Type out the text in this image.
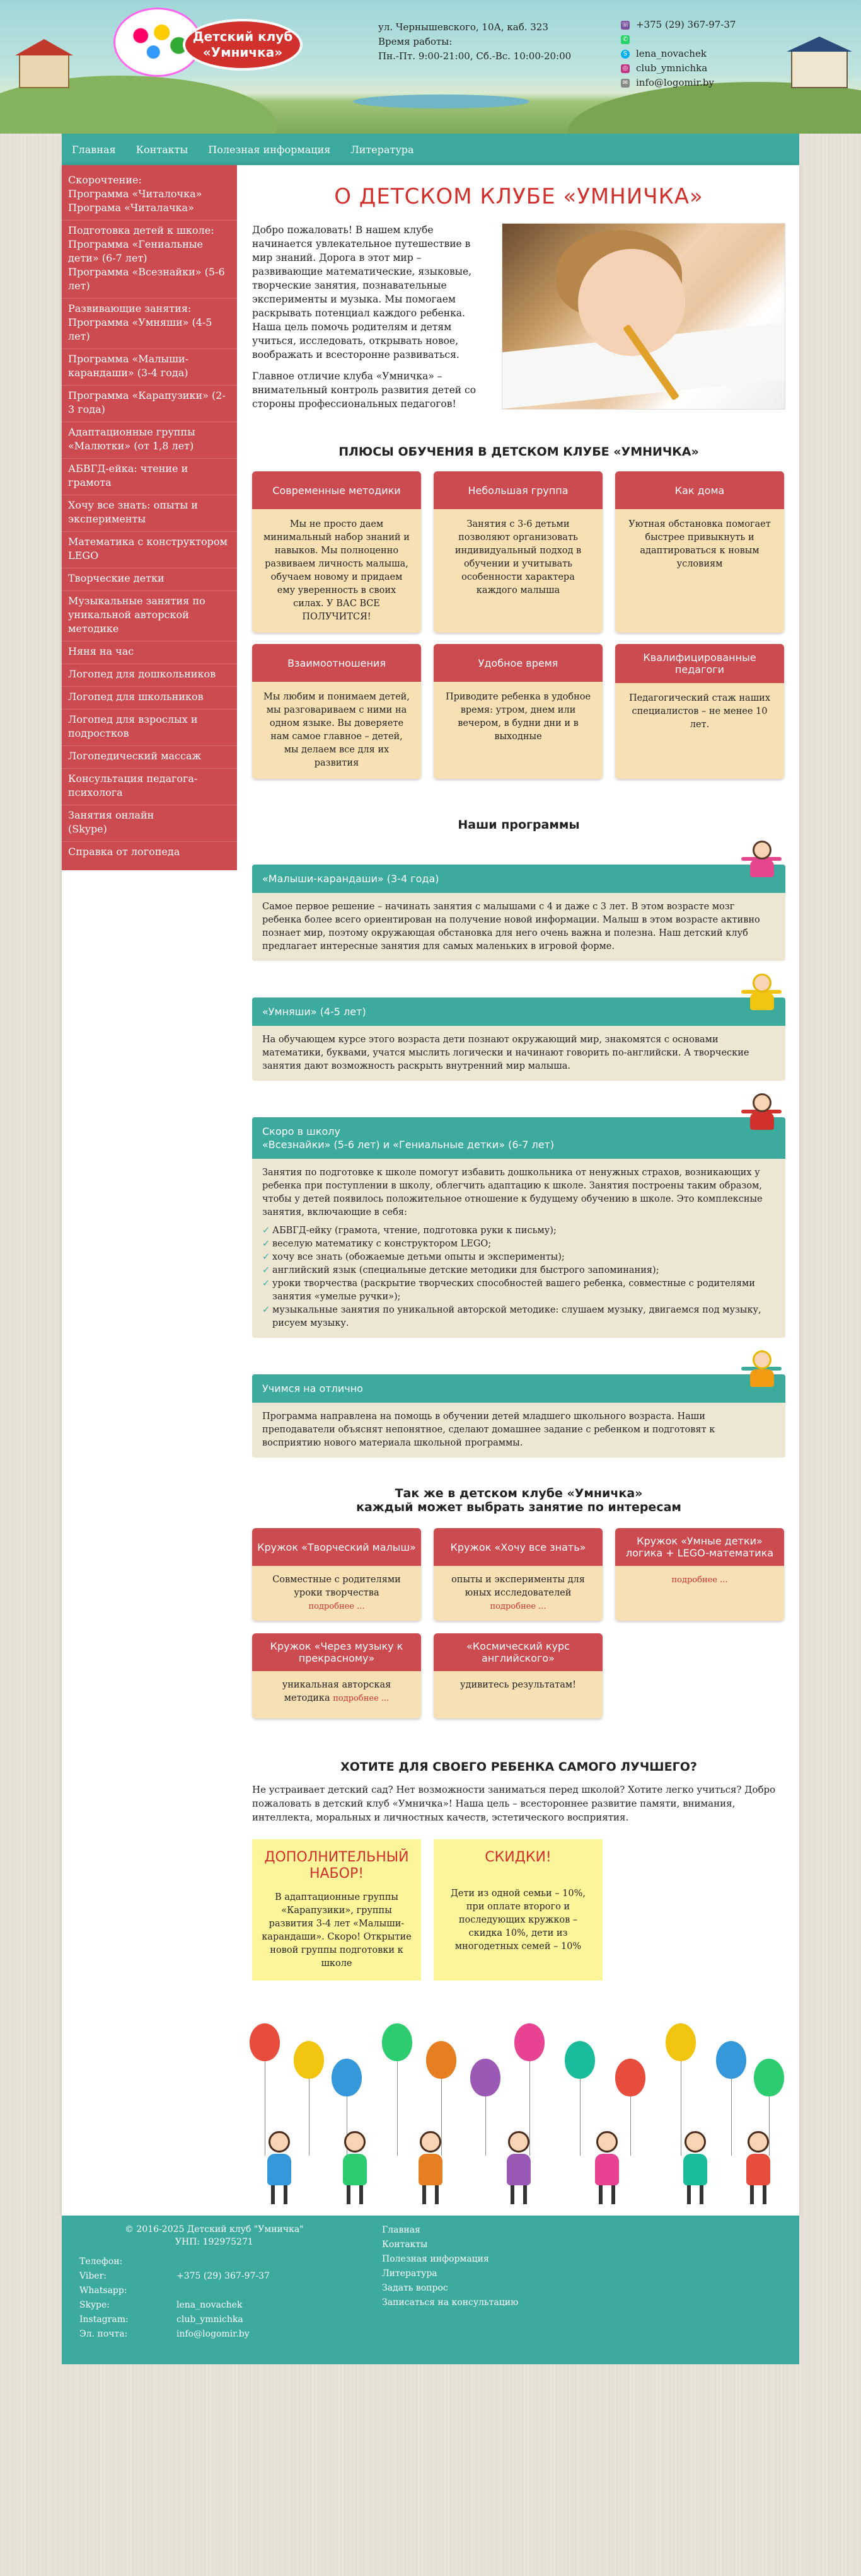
Детский клуб
«Умничка»
ул. Чернышевского, 10А, каб. 323
Время работы:
Пн.-Пт. 9:00-21:00, Сб.-Вс. 10:00-20:00
☏ +375 (29) 367-97-37
✆
S lena_novachek
◎ club_ymnichka
✉ info@logomir.by
Главная Контакты Полезная информация Литература
Скорочтение:
Программа «Читалочка»
Програма «Читалачка»
Подготовка детей к школе:
Программа «Гениальные дети» (6-7 лет)
Программа «Всезнайки» (5-6 лет)
Развивающие занятия:
Программа «Умняши» (4-5 лет)
Программа «Малыши-карандаши» (3-4 года)
Программа «Карапузики» (2-3 года)
Адаптационные группы «Малютки» (от 1,8 лет)
АБВГД-ейка: чтение и грамота
Хочу все знать: опыты и эксперименты
Математика с конструктором LEGO
Творческие детки
Музыкальные занятия по уникальной авторской методике
Няня на час
Логопед для дошкольников
Логопед для школьников
Логопед для взрослых и подростков
Логопедический массаж
Консультация педагога-психолога
Занятия онлайн
(Skype)
Справка от логопеда
О ДЕТСКОМ КЛУБЕ «УМНИЧКА»

Добро пожаловать! В нашем клубе начинается увлекательное путешествие в мир знаний. Дорога в этот мир – развивающие математические, языковые, творческие занятия, познавательные эксперименты и музыка. Мы помогаем раскрывать потенциал каждого ребенка. Наша цель помочь родителям и детям учиться, исследовать, открывать новое, воображать и всесторонне развиваться.

Главное отличие клуба «Умничка» – внимательный контроль развития детей со стороны профессиональных педагогов!

ПЛЮСЫ ОБУЧЕНИЯ В ДЕТСКОМ КЛУБЕ «УМНИЧКА»
Современные методики
Мы не просто даем минимальный набор знаний и навыков. Мы полноценно развиваем личность малыша, обучаем новому и придаем ему уверенность в своих силах. У ВАС ВСЕ ПОЛУЧИТСЯ!
Небольшая группа
Занятия с 3-6 детьми позволяют организовать индивидуальный подход в обучении и учитывать особенности характера каждого малыша
Как дома
Уютная обстановка помогает быстрее привыкнуть и адаптироваться к новым условиям
Взаимоотношения
Мы любим и понимаем детей, мы разговариваем с ними на одном языке. Вы доверяете нам самое главное – детей, мы делаем все для их развития
Удобное время
Приводите ребенка в удобное время: утром, днем или вечером, в будни дни и в выходные
Квалифицированные педагоги
Педагогический стаж наших специалистов – не менее 10 лет.
Наши программы
«Малыши-карандаши» (3-4 года)
Самое первое решение – начинать занятия с малышами с 4 и даже с 3 лет. В этом возрасте мозг ребенка более всего ориентирован на получение новой информации. Малыш в этом возрасте активно познает мир, поэтому окружающая обстановка для него очень важна и полезна. Наш детский клуб предлагает интересные занятия для самых маленьких в игровой форме.
«Умняши» (4-5 лет)
На обучающем курсе этого возраста дети познают окружающий мир, знакомятся с основами математики, буквами, учатся мыслить логически и начинают говорить по-английски. А творческие занятия дают возможность раскрыть внутренний мир малыша.
Скоро в школу
«Всезнайки» (5-6 лет) и «Гениальные детки» (6-7 лет)
Занятия по подготовке к школе помогут избавить дошкольника от ненужных страхов, возникающих у ребенка при поступлении в школу, облегчить адаптацию к школе. Занятия построены таким образом, чтобы у детей появилось положительное отношение к будущему обучению в школе. Это комплексные занятия, включающие в себя:
✓ АБВГД-ейку (грамота, чтение, подготовка руки к письму);
✓ веселую математику с конструктором LEGO;
✓ хочу все знать (обожаемые детьми опыты и эксперименты);
✓ английский язык (специальные детские методики для быстрого запоминания);
✓ уроки творчества (раскрытие творческих способностей вашего ребенка, совместные с родителями занятия «умелые ручки»);
✓ музыкальные занятия по уникальной авторской методике: слушаем музыку, двигаемся под музыку, рисуем музыку.
Учимся на отлично
Программа направлена на помощь в обучении детей младшего школьного возраста. Наши преподаватели объяснят непонятное, сделают домашнее задание с ребенком и подготовят к восприятию нового материала школьной программы.
Так же в детском клубе «Умничка»
каждый может выбрать занятие по интересам
Кружок «Творческий малыш»
Совместные с родителями уроки творчества
подробнее ...
Кружок «Хочу все знать»
опыты и эксперименты для юных исследователей
подробнее ...
Кружок «Умные детки» логика + LEGO-математика
подробнее ...
Кружок «Через музыку к прекрасному»
уникальная авторская методика подробнее ...
«Космический курс английского»
удивитесь результатам!
ХОТИТЕ ДЛЯ СВОЕГО РЕБЕНКА САМОГО ЛУЧШЕГО?

Не устраивает детский сад? Нет возможности заниматься перед школой? Хотите легко учиться? Добро пожаловать в детский клуб «Умничка»! Наша цель – всестороннее развитие памяти, внимания, интеллекта, моральных и личностных качеств, эстетического восприятия.

ДОПОЛНИТЕЛЬНЫЙ НАБОР!
В адаптационные группы «Карапузики», группы развития 3-4 лет «Малыши-карандаши». Скоро! Открытие новой группы подготовки к школе
СКИДКИ!
Дети из одной семьи – 10%, при оплате второго и последующих кружков – скидка 10%, дети из многодетных семей – 10%
© 2016-2025 Детский клуб "Умничка"
УНП: 192975271
Телефон:
Viber:	+375 (29) 367-97-37
Whatsapp:
Skype:	lena_novachek
Instagram:	club_ymnichka
Эл. почта:	info@logomir.by
Главная
Контакты
Полезная информация
Литература
Задать вопрос
Записаться на консультацию
